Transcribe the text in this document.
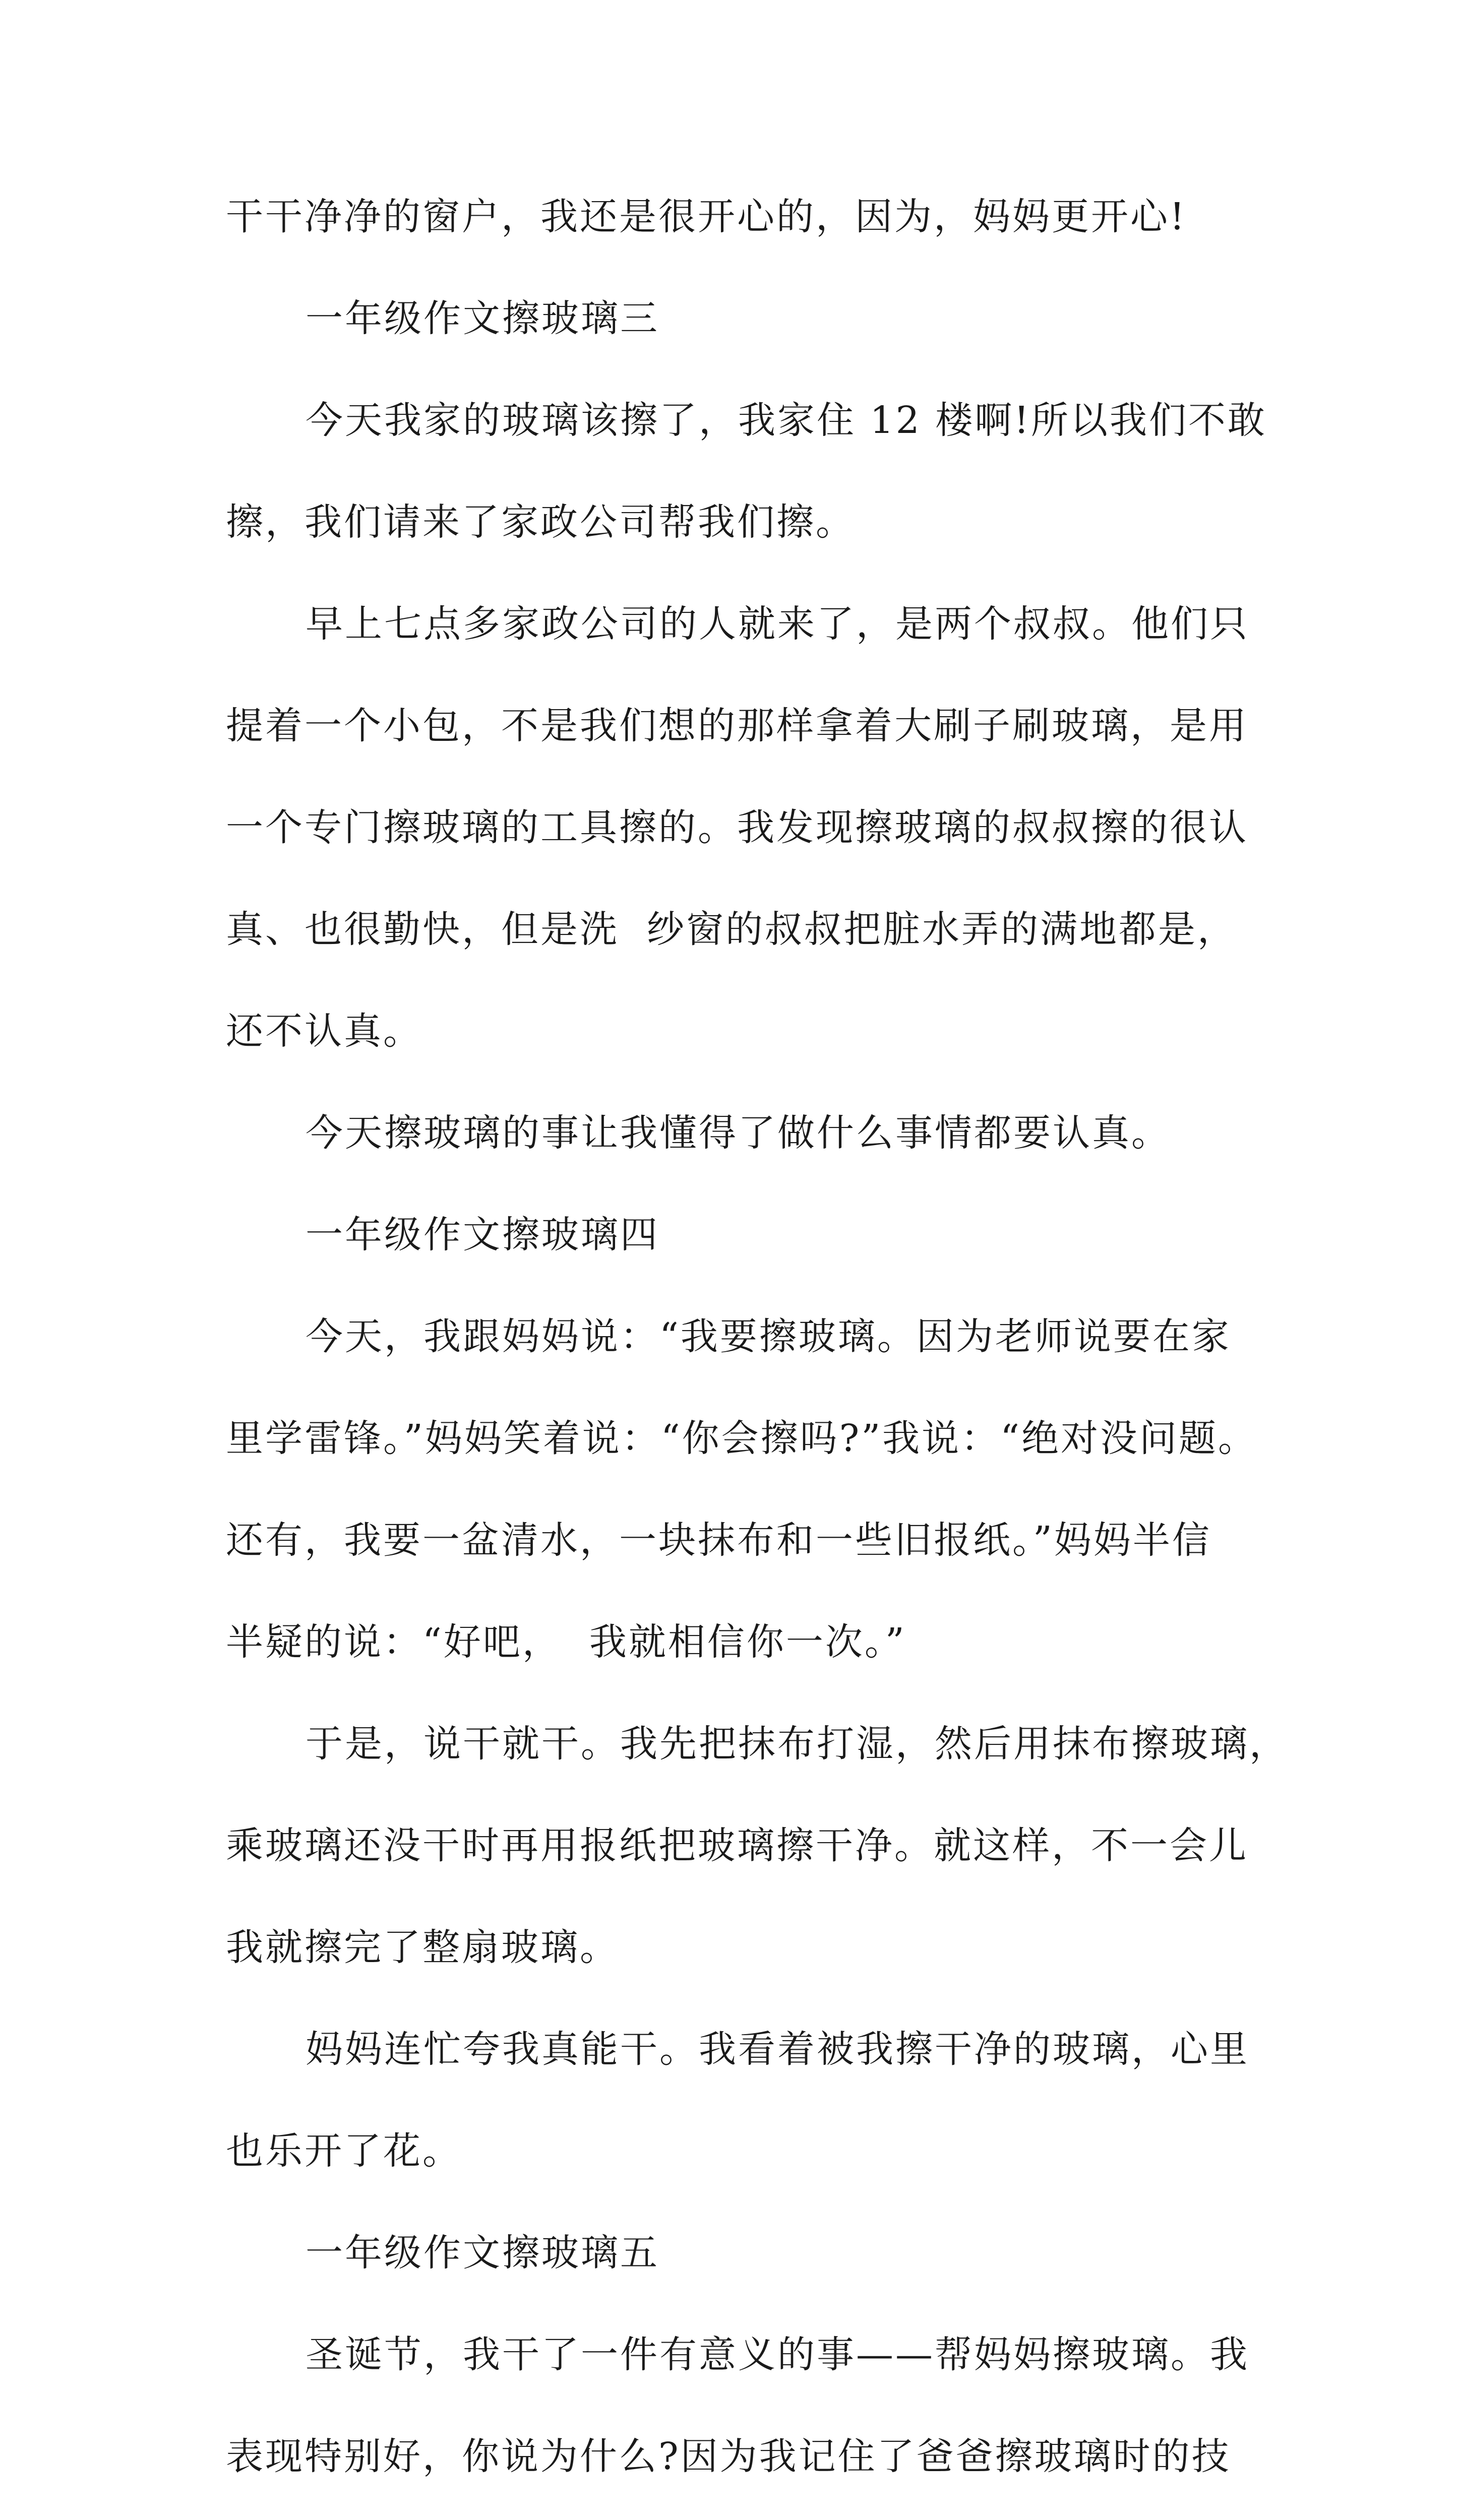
干干净净的窗户，我还是很开心的，因为，妈妈更开心!
一年级作文擦玻璃三
今天我家的玻璃该擦了，我家住 12 楼啊!所以我们不敢
擦，我们请来了家政公司帮我们擦。
早上七点多家政公司的人就来了，是两个叔叔。他们只
提着一个小包，不是我们想的那样拿着大刷子刷玻璃，是用
一个专门擦玻璃的工具擦的。我发现擦玻璃的叔叔擦的很认
真、也很勤快，但是洗  纱窗的叔叔把脏水弄的满地都是，
还不认真。
今天擦玻璃的事让我懂得了做什么事情都要认真。
一年级作文擦玻璃四
今天，我跟妈妈说：“我要擦玻璃。因为老师说要在家
里学雷锋。”妈妈笑着说：“你会擦吗?”我说：“绝对没问题。
还有，我要一盆清水，一块抹布和一些旧报纸。”妈妈半信
半疑的说：“好吧，  我就相信你一次。”
于是，说干就干。我先把抹布打湿，然后用抹布擦玻璃，
乘玻璃还没干时再用报纸把玻璃擦干净。就这样，不一会儿
我就擦完了整扇玻璃。
妈妈连忙夸我真能干。我看着被我擦干净的玻璃，心里
也乐开了花。
一年级作文擦玻璃五
圣诞节，我干了一件有意义的事——帮妈妈擦玻璃。我
表现特别好，你说为什么?因为我记住了爸爸擦玻璃时的技
